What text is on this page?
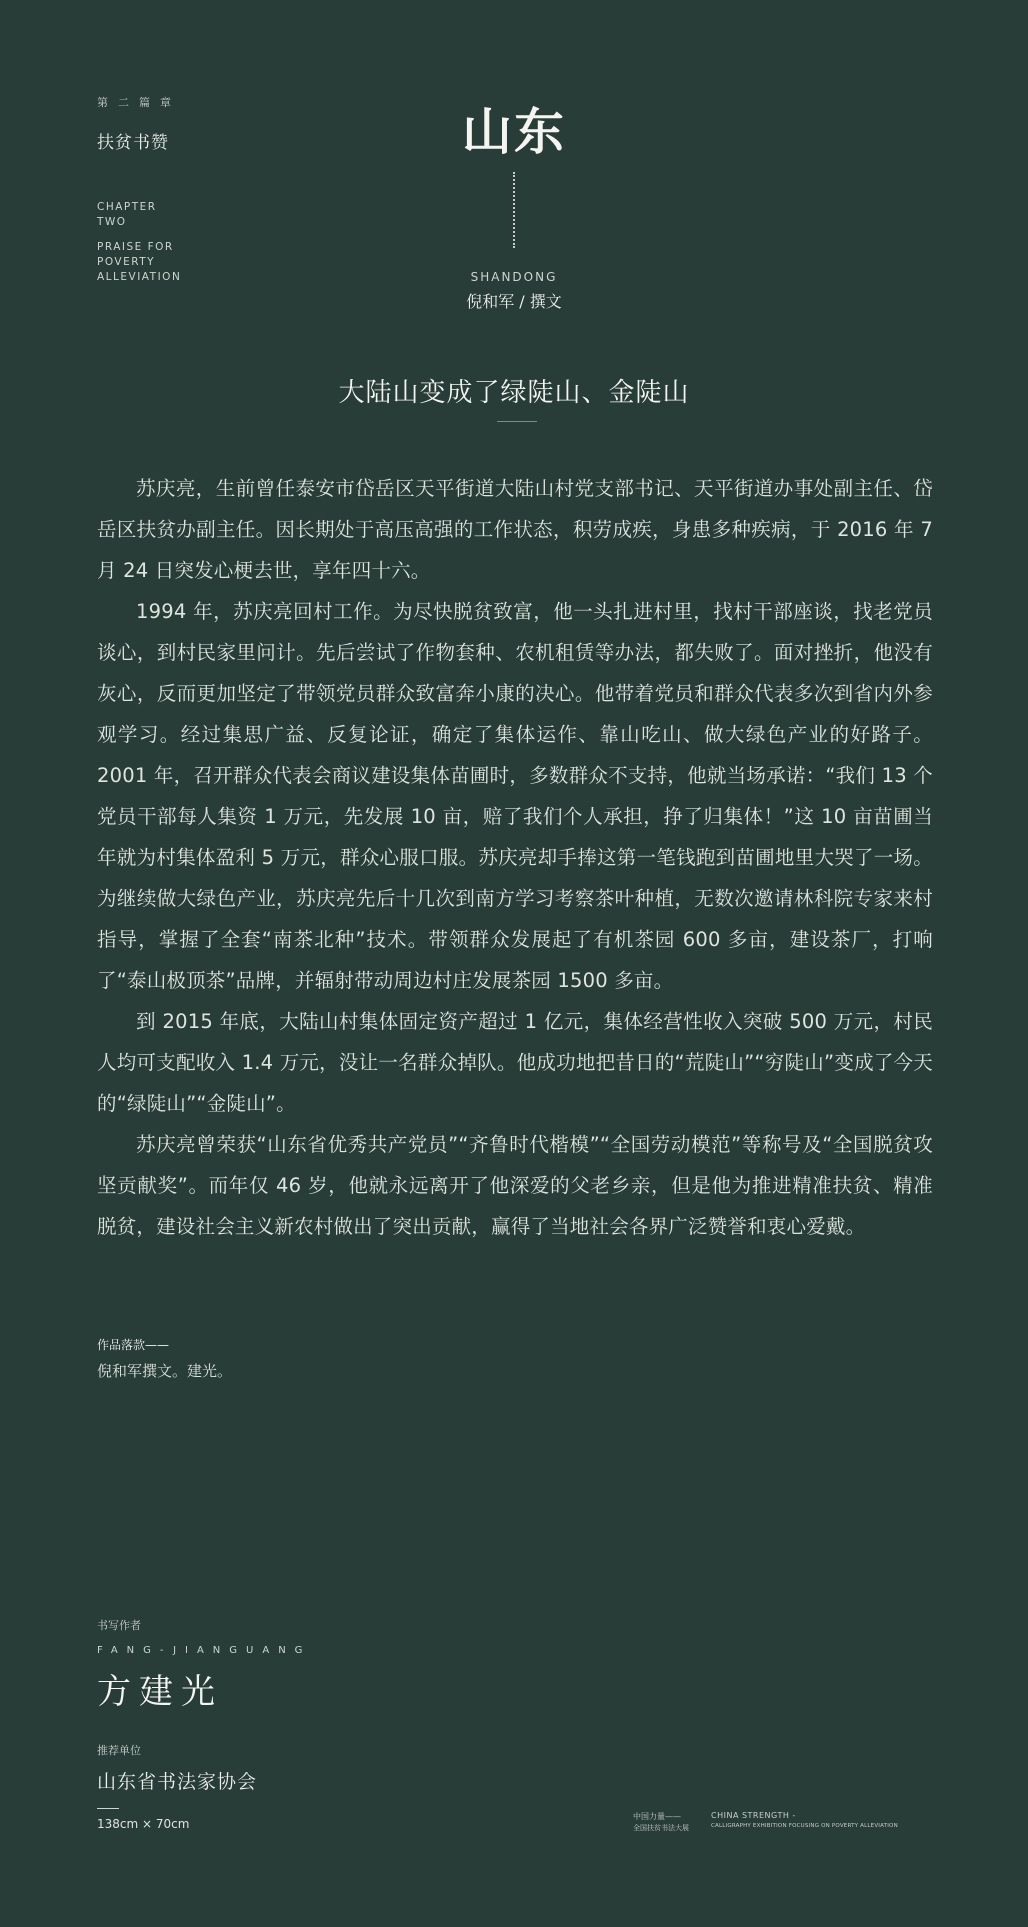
第二篇章
扶贫书赞
CHAPTER
TWO
PRAISE FOR
POVERTY
ALLEVIATION
山东
SHANDONG
倪和军 / 撰文
大陆山变成了绿陡山、金陡山

苏庆亮，生前曾任泰安市岱岳区天平街道大陆山村党支部书记、天平街道办事处副主任、岱岳区扶贫办副主任。因长期处于高压高强的工作状态，积劳成疾，身患多种疾病，于 2016 年 7 月 24 日突发心梗去世，享年四十六。

1994 年，苏庆亮回村工作。为尽快脱贫致富，他一头扎进村里，找村干部座谈，找老党员谈心，到村民家里问计。先后尝试了作物套种、农机租赁等办法，都失败了。面对挫折，他没有灰心，反而更加坚定了带领党员群众致富奔小康的决心。他带着党员和群众代表多次到省内外参观学习。经过集思广益、反复论证，确定了集体运作、靠山吃山、做大绿色产业的好路子。2001 年，召开群众代表会商议建设集体苗圃时，多数群众不支持，他就当场承诺：“我们 13 个党员干部每人集资 1 万元，先发展 10 亩，赔了我们个人承担，挣了归集体！”这 10 亩苗圃当年就为村集体盈利 5 万元，群众心服口服。苏庆亮却手捧这第一笔钱跑到苗圃地里大哭了一场。为继续做大绿色产业，苏庆亮先后十几次到南方学习考察茶叶种植，无数次邀请林科院专家来村指导，掌握了全套“南茶北种”技术。带领群众发展起了有机茶园 600 多亩，建设茶厂，打响了“泰山极顶茶”品牌，并辐射带动周边村庄发展茶园 1500 多亩。

到 2015 年底，大陆山村集体固定资产超过 1 亿元，集体经营性收入突破 500 万元，村民人均可支配收入 1.4 万元，没让一名群众掉队。他成功地把昔日的“荒陡山”“穷陡山”变成了今天的“绿陡山”“金陡山”。

苏庆亮曾荣获“山东省优秀共产党员”“齐鲁时代楷模”“全国劳动模范”等称号及“全国脱贫攻坚贡献奖”。而年仅 46 岁，他就永远离开了他深爱的父老乡亲，但是他为推进精准扶贫、精准脱贫，建设社会主义新农村做出了突出贡献，赢得了当地社会各界广泛赞誉和衷心爱戴。

作品落款——
倪和军撰文。建光。
书写作者
FANG-JIANGUANG
方建光
推荐单位
山东省书法家协会
138cm × 70cm
中国力量——
全国扶贫书法大展
CHINA STRENGTH -
CALLIGRAPHY EXHIBITION FOCUSING ON POVERTY ALLEVIATION
